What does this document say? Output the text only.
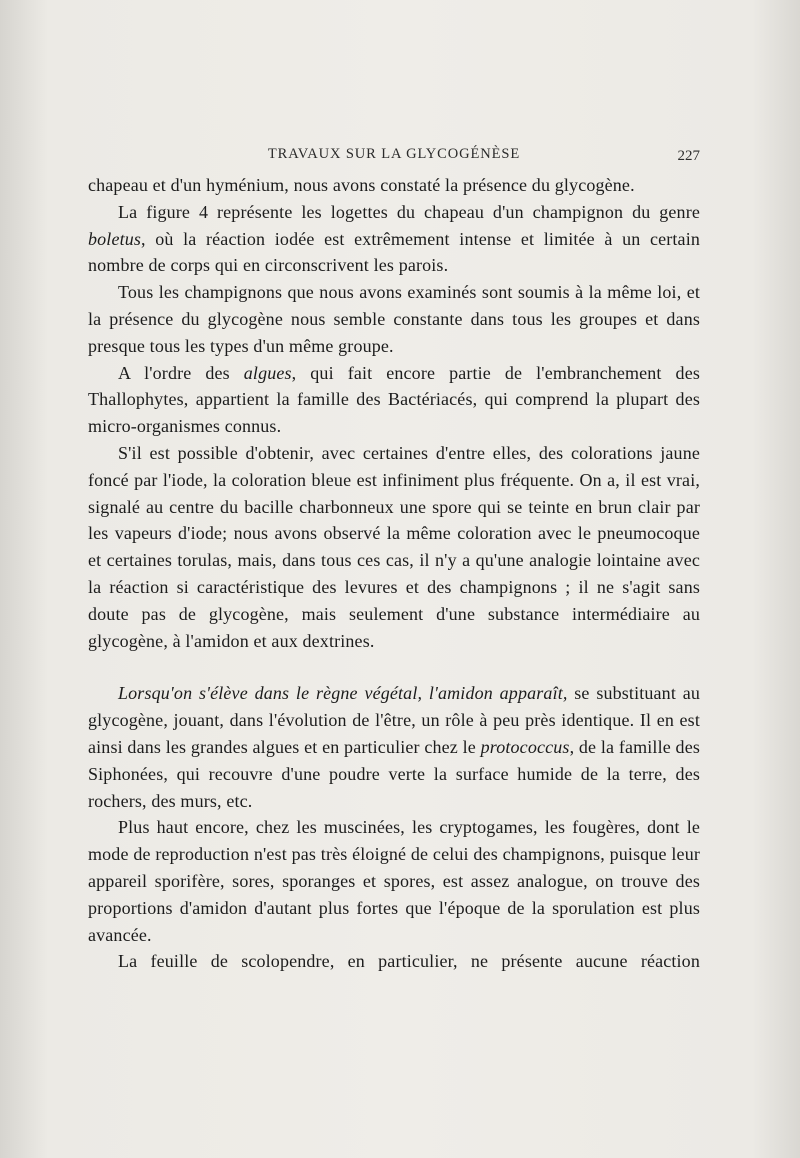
TRAVAUX SUR LA GLYCOGÉNÈSE	227

chapeau et d'un hyménium, nous avons constaté la présence du glycogène.

La figure 4 représente les logettes du chapeau d'un champignon du genre boletus, où la réaction iodée est extrêmement intense et limitée à un certain nombre de corps qui en circonscrivent les parois.

Tous les champignons que nous avons examinés sont soumis à la même loi, et la présence du glycogène nous semble constante dans tous les groupes et dans presque tous les types d'un même groupe.

A l'ordre des algues, qui fait encore partie de l'embranchement des Thallophytes, appartient la famille des Bactériacés, qui comprend la plupart des micro-organismes connus.

S'il est possible d'obtenir, avec certaines d'entre elles, des colorations jaune foncé par l'iode, la coloration bleue est infiniment plus fréquente. On a, il est vrai, signalé au centre du bacille charbonneux une spore qui se teinte en brun clair par les vapeurs d'iode; nous avons observé la même coloration avec le pneumocoque et certaines torulas, mais, dans tous ces cas, il n'y a qu'une analogie lointaine avec la réaction si caractéristique des levures et des champignons ; il ne s'agit sans doute pas de glycogène, mais seulement d'une substance intermédiaire au glycogène, à l'amidon et aux dextrines.

Lorsqu'on s'élève dans le règne végétal, l'amidon apparaît, se substituant au glycogène, jouant, dans l'évolution de l'être, un rôle à peu près identique. Il en est ainsi dans les grandes algues et en particulier chez le protococcus, de la famille des Siphonées, qui recouvre d'une poudre verte la surface humide de la terre, des rochers, des murs, etc.

Plus haut encore, chez les muscinées, les cryptogames, les fougères, dont le mode de reproduction n'est pas très éloigné de celui des champignons, puisque leur appareil sporifère, sores, sporanges et spores, est assez analogue, on trouve des proportions d'amidon d'autant plus fortes que l'époque de la sporulation est plus avancée.

La feuille de scolopendre, en particulier, ne présente aucune réaction
